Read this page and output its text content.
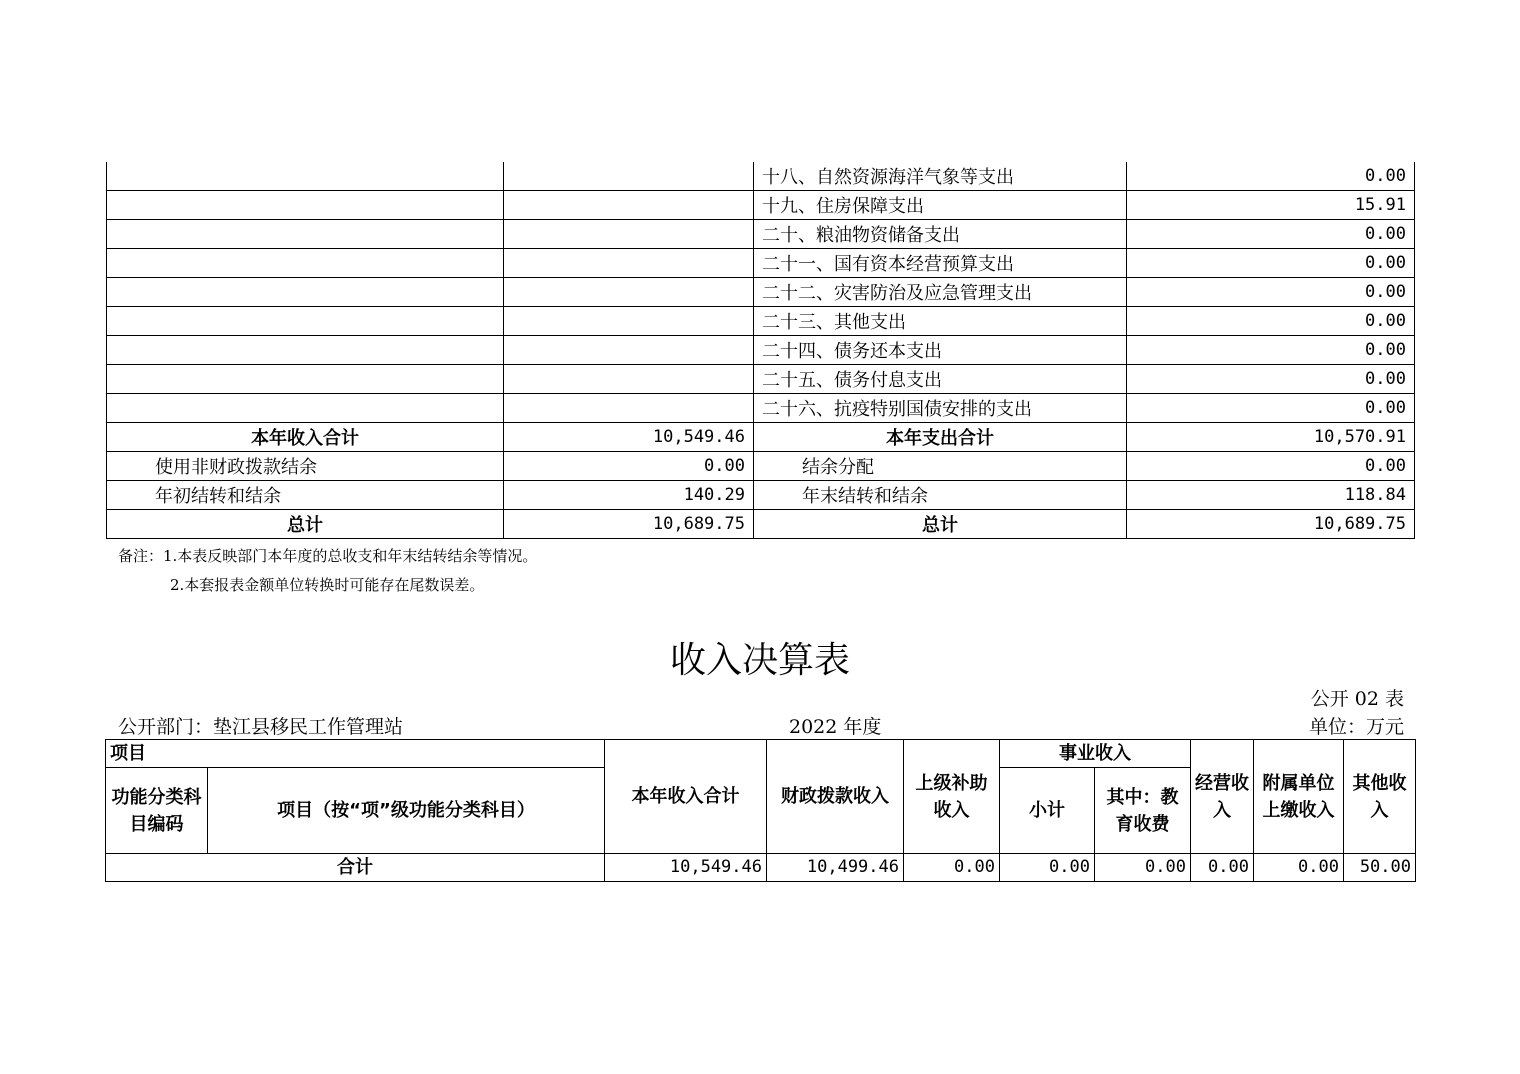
		十八、自然资源海洋气象等支出	0.00
		十九、住房保障支出	15.91
		二十、粮油物资储备支出	0.00
		二十一、国有资本经营预算支出	0.00
		二十二、灾害防治及应急管理支出	0.00
		二十三、其他支出	0.00
		二十四、债务还本支出	0.00
		二十五、债务付息支出	0.00
		二十六、抗疫特别国债安排的支出	0.00
本年收入合计	10,549.46	本年支出合计	10,570.91
使用非财政拨款结余	0.00	结余分配	0.00
年初结转和结余	140.29	年末结转和结余	118.84
总计	10,689.75	总计	10,689.75
备注：1.本表反映部门本年度的总收支和年末结转结余等情况。
2.本套报表金额单位转换时可能存在尾数误差。
收入决算表
公开 02 表
公开部门：垫江县移民工作管理站	2022 年度	单位：万元
项目		本年收入合计	财政拨款收入	上级补助收入	事业收入		经营收入	附属单位上缴收入	其他收入
功能分类科目编码	项目（按“项”级功能分类科目）				小计	其中：教育收费			
合计		10,549.46	10,499.46	0.00	0.00	0.00	0.00	0.00	50.00
